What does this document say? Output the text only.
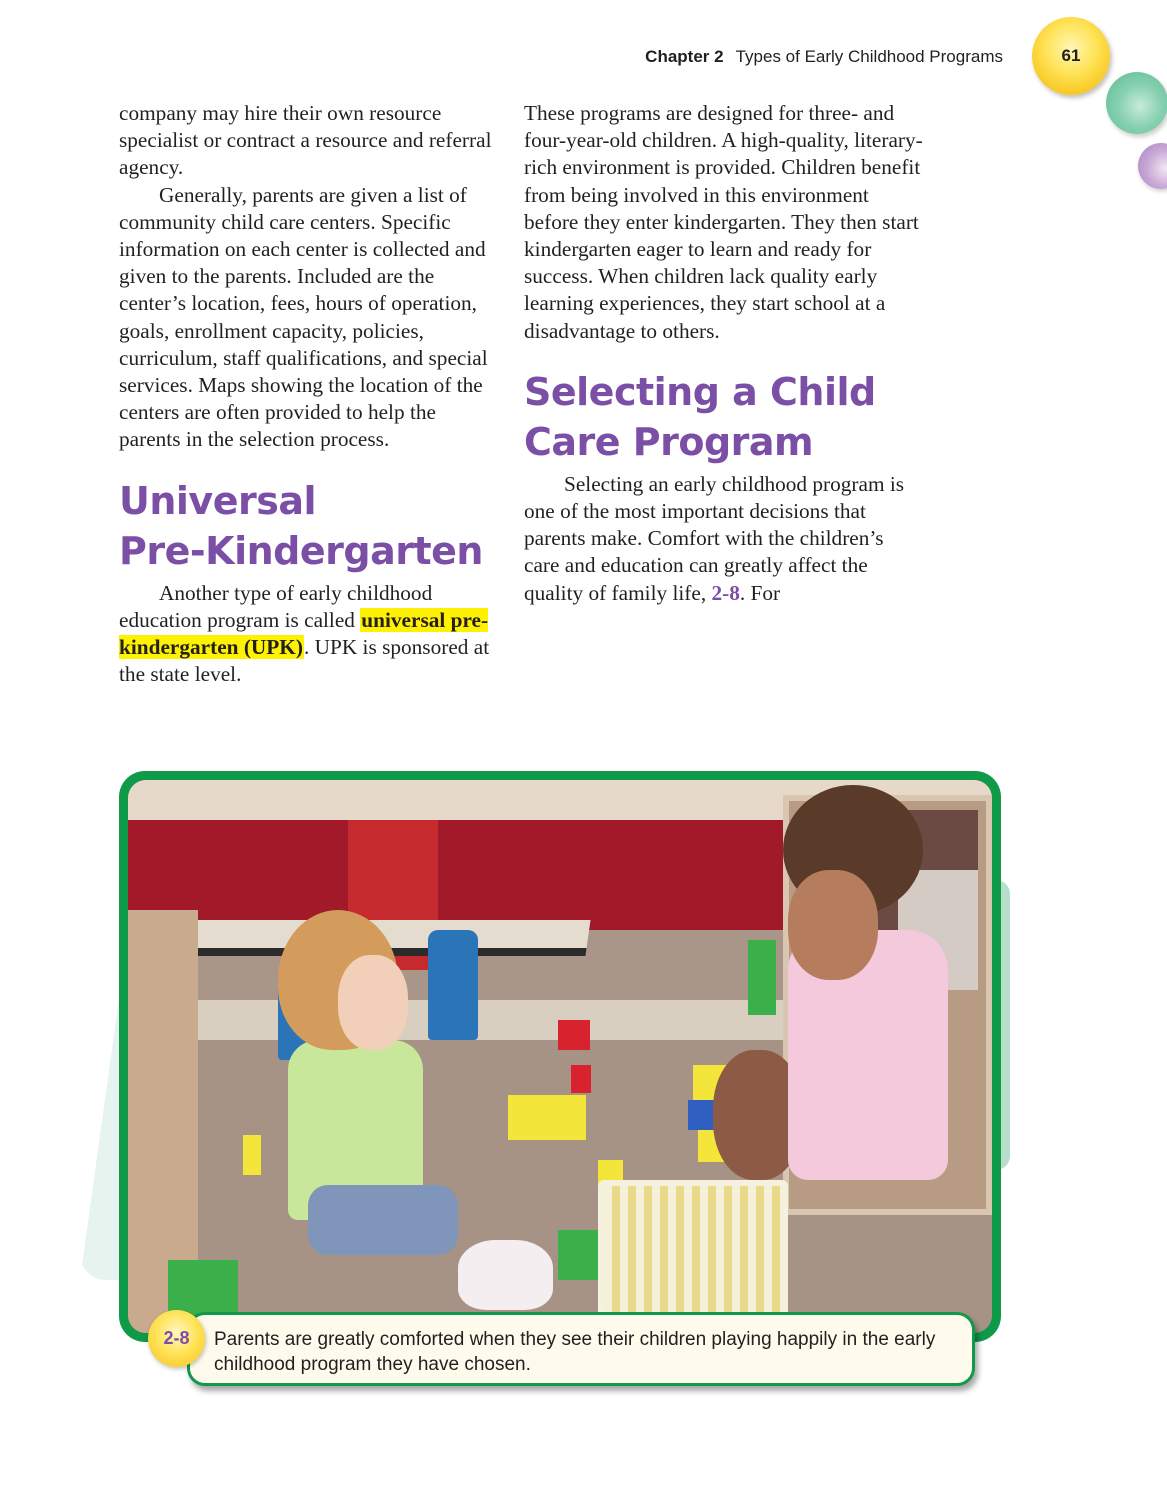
Chapter 2 Types of Early Childhood Programs	61

company may hire their own resource specialist or contract a resource and referral agency.

Generally, parents are given a list of community child care centers. Specific information on each center is collected and given to the parents. Included are the center’s location, fees, hours of operation, goals, enrollment capacity, policies, curriculum, staff qualifications, and special services. Maps showing the location of the centers are often provided to help the parents in the selection process.

Universal
Pre-Kindergarten

Another type of early childhood education program is called universal pre-kindergarten (UPK). UPK is sponsored at the state level.

These programs are designed for three- and four-year-old children. A high-quality, literary-rich environment is provided. Children benefit from being involved in this environment before they enter kindergarten. They then start kindergarten eager to learn and ready for success. When children lack quality early learning experiences, they start school at a disadvantage to others.

Selecting a Child
Care Program

Selecting an early childhood program is one of the most important decisions that parents make. Comfort with the children’s care and education can greatly affect the quality of family life, 2-8. For

Parents are greatly comforted when they see their children playing happily in the early childhood program they have chosen.
2-8
